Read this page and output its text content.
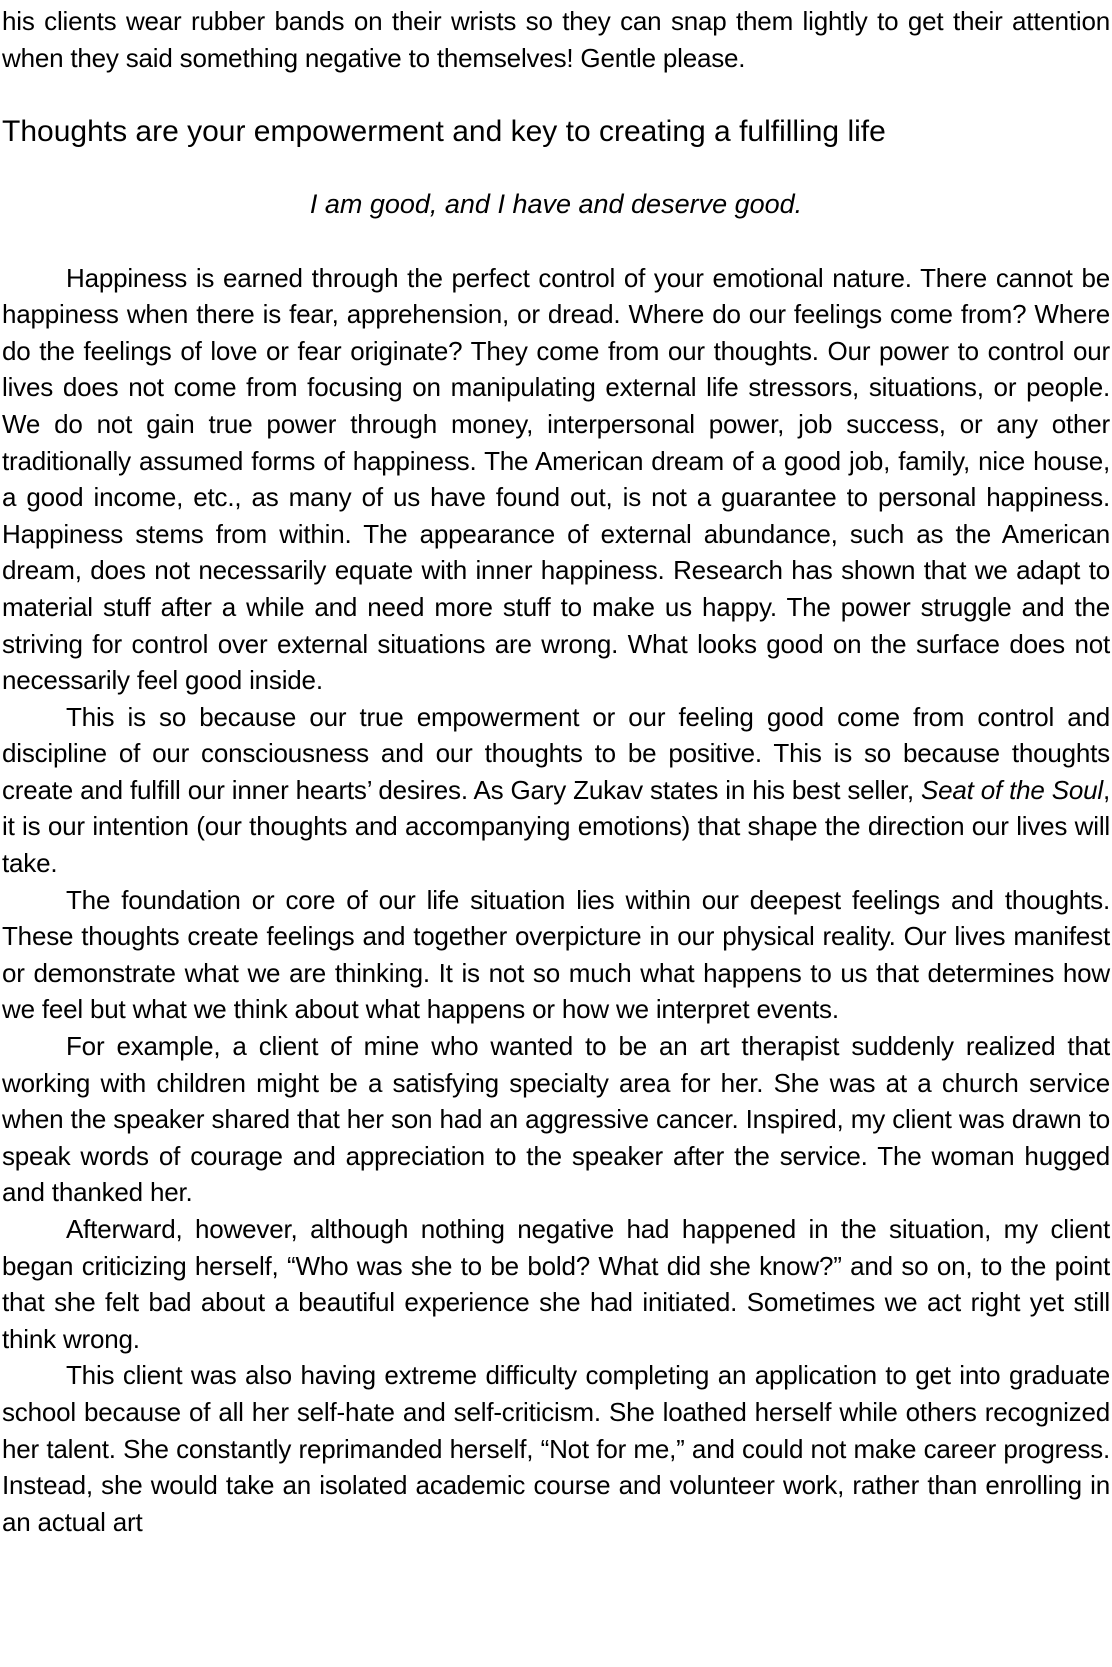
his clients wear rubber bands on their wrists so they can snap them lightly to get their attention when they said something negative to themselves! Gentle please.

Thoughts are your empowerment and key to creating a fulfilling life

I am good, and I have and deserve good.

Happiness is earned through the perfect control of your emotional nature. There cannot be happiness when there is fear, apprehension, or dread. Where do our feelings come from? Where do the feelings of love or fear originate? They come from our thoughts. Our power to control our lives does not come from focusing on manipulating external life stressors, situations, or people. We do not gain true power through money, interpersonal power, job success, or any other traditionally assumed forms of happiness. The American dream of a good job, family, nice house, a good income, etc., as many of us have found out, is not a guarantee to personal happiness. Happiness stems from within. The appearance of external abundance, such as the American dream, does not necessarily equate with inner happiness. Research has shown that we adapt to material stuff after a while and need more stuff to make us happy. The power struggle and the striving for control over external situations are wrong. What looks good on the surface does not necessarily feel good inside.

This is so because our true empowerment or our feeling good come from control and discipline of our consciousness and our thoughts to be positive. This is so because thoughts create and fulfill our inner hearts’ desires. As Gary Zukav states in his best seller, Seat of the Soul, it is our intention (our thoughts and accompanying emotions) that shape the direction our lives will take.

The foundation or core of our life situation lies within our deepest feelings and thoughts. These thoughts create feelings and together overpicture in our physical reality. Our lives manifest or demonstrate what we are thinking. It is not so much what happens to us that determines how we feel but what we think about what happens or how we interpret events.

For example, a client of mine who wanted to be an art therapist suddenly realized that working with children might be a satisfying specialty area for her. She was at a church service when the speaker shared that her son had an aggressive cancer. Inspired, my client was drawn to speak words of courage and appreciation to the speaker after the service. The woman hugged and thanked her.

Afterward, however, although nothing negative had happened in the situation, my client began criticizing herself, “Who was she to be bold? What did she know?” and so on, to the point that she felt bad about a beautiful experience she had initiated. Sometimes we act right yet still think wrong.

This client was also having extreme difficulty completing an application to get into graduate school because of all her self-hate and self-criticism. She loathed herself while others recognized her talent. She constantly reprimanded herself, “Not for me,” and could not make career progress. Instead, she would take an isolated academic course and volunteer work, rather than enrolling in an actual art
